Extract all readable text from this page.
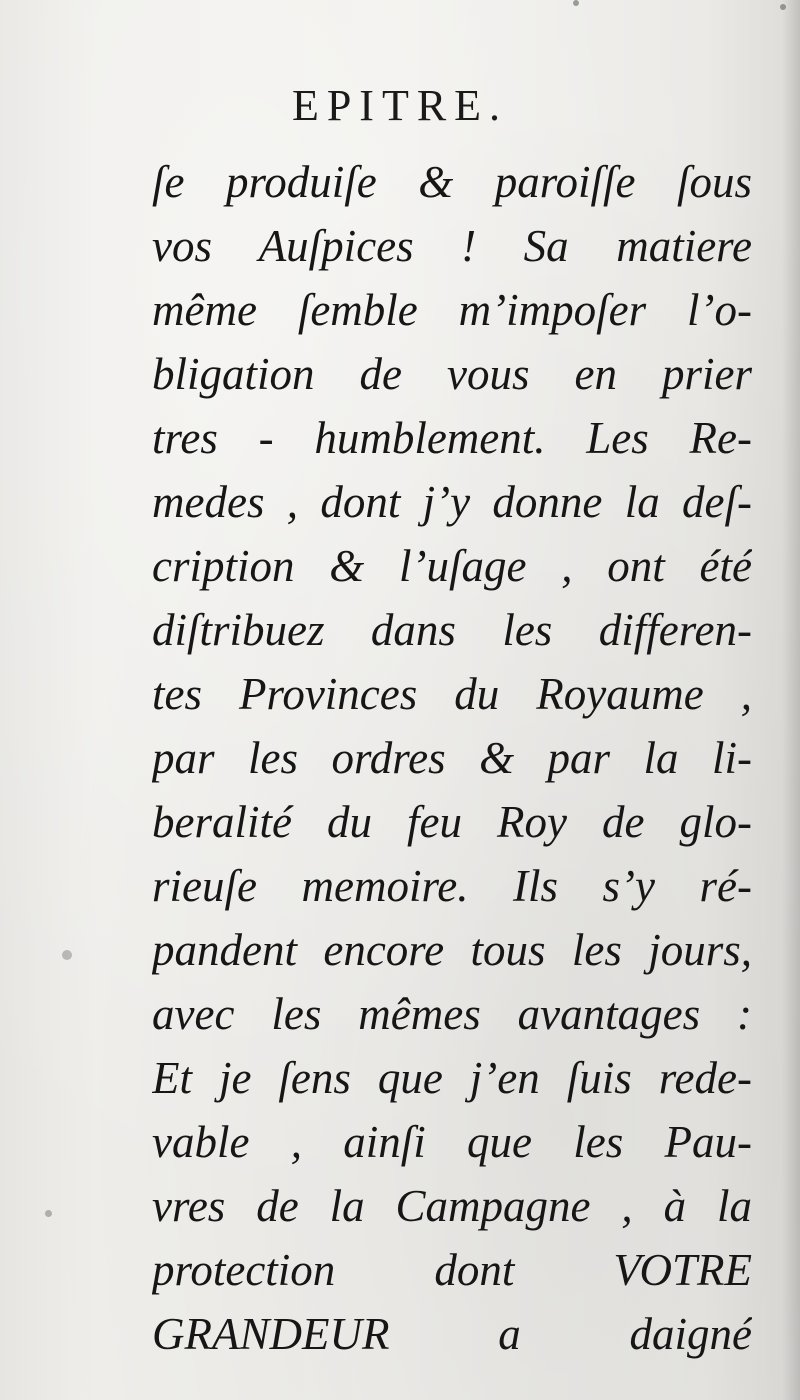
EPITRE.
ſe produiſe & paroiſſe ſous
vos Auſpices ! Sa matiere
même ſemble m’impoſer l’o-
bligation de vous en prier
tres - humblement. Les Re-
medes , dont j’y donne la deſ-
cription & l’uſage , ont été
diſtribuez dans les differen-
tes Provinces du Royaume ,
par les ordres & par la li-
beralité du feu Roy de glo-
rieuſe memoire. Ils s’y ré-
pandent encore tous les jours,
avec les mêmes avantages :
Et je ſens que j’en ſuis rede-
vable , ainſi que les Pau-
vres de la Campagne , à la
protection dont VOTRE
GRANDEUR a daigné
